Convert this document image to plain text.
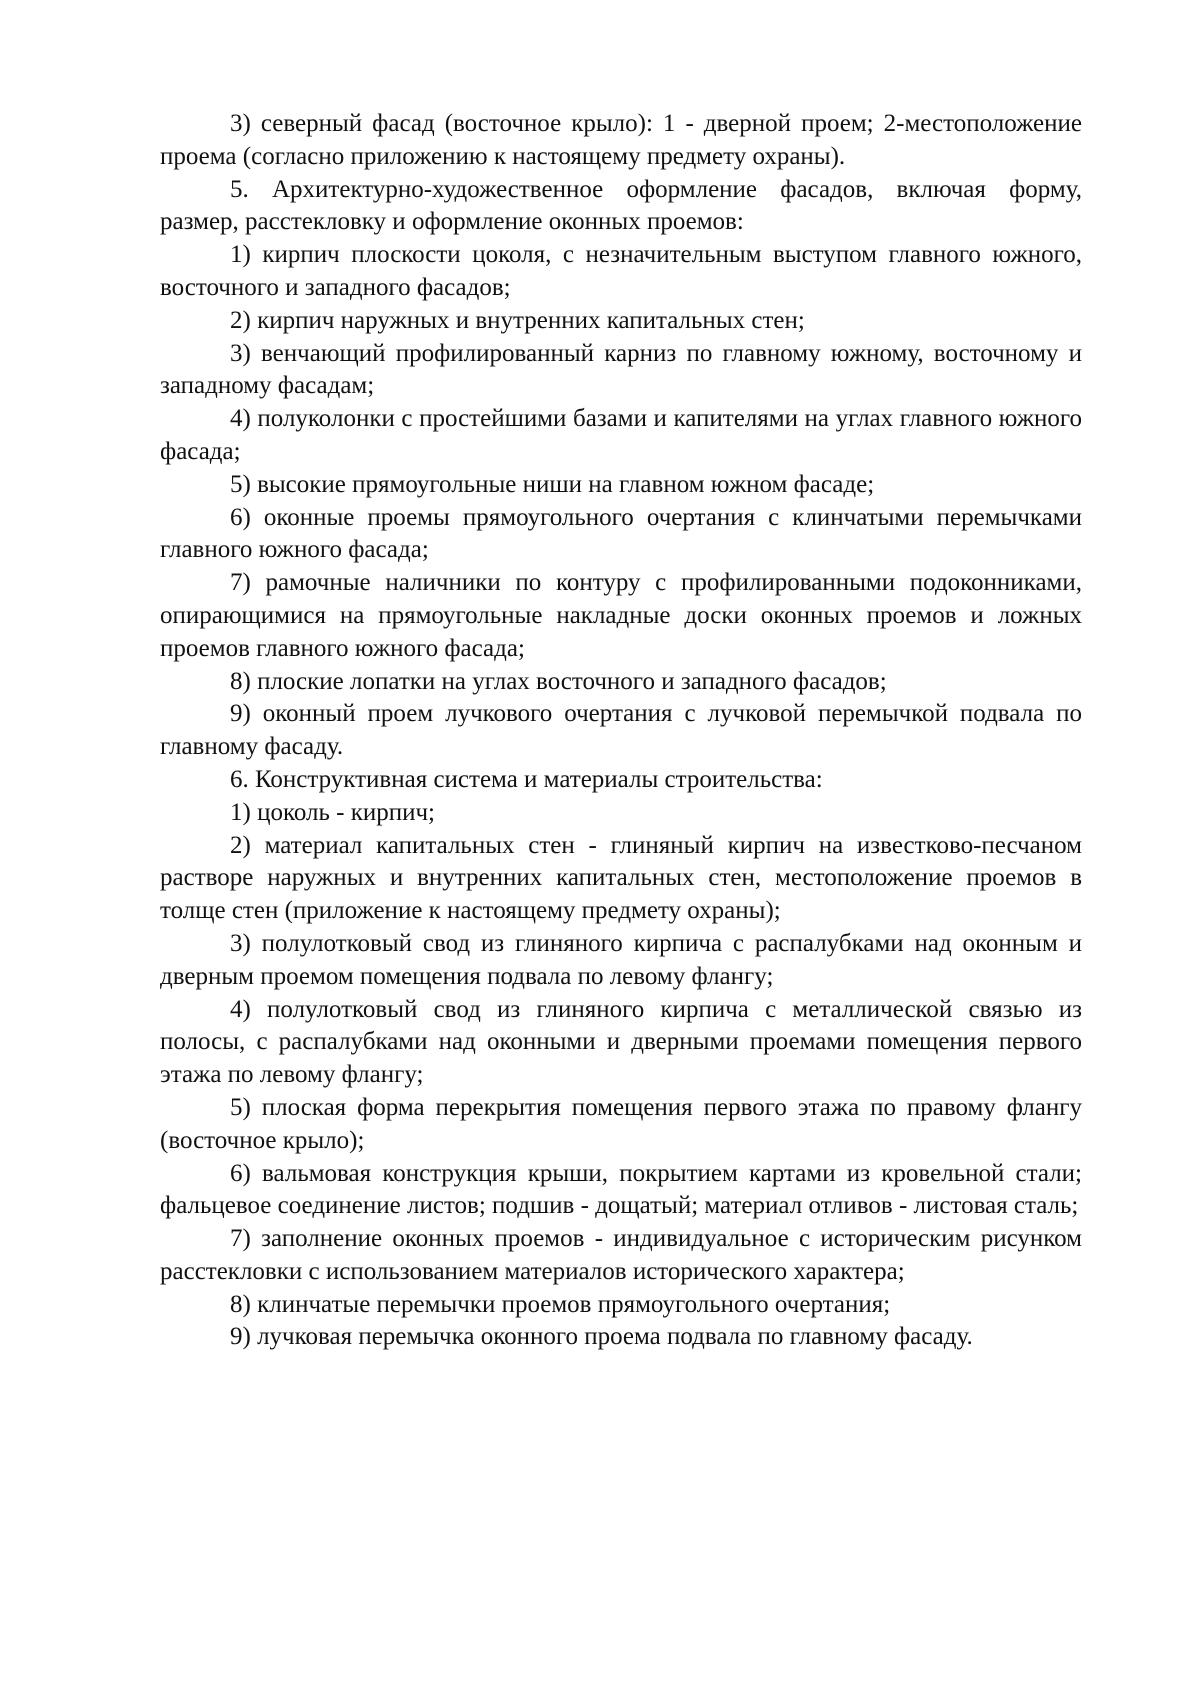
3) северный фасад (восточное крыло): 1 - дверной проем; 2-местоположение проема (согласно приложению к настоящему предмету охраны).

5. Архитектурно-художественное оформление фасадов, включая форму, размер, расстекловку и оформление оконных проемов:

1) кирпич плоскости цоколя, с незначительным выступом главного южного, восточного и западного фасадов;

2) кирпич наружных и внутренних капитальных стен;

3) венчающий профилированный карниз по главному южному, восточному и западному фасадам;

4) полуколонки с простейшими базами и капителями на углах главного южного фасада;

5) высокие прямоугольные ниши на главном южном фасаде;

6) оконные проемы прямоугольного очертания с клинчатыми перемычками главного южного фасада;

7) рамочные наличники по контуру с профилированными подоконниками, опирающимися на прямоугольные накладные доски оконных проемов и ложных проемов главного южного фасада;

8) плоские лопатки на углах восточного и западного фасадов;

9) оконный проем лучкового очертания с лучковой перемычкой подвала по главному фасаду.

6. Конструктивная система и материалы строительства:

1) цоколь - кирпич;

2) материал капитальных стен - глиняный кирпич на известково-песчаном растворе наружных и внутренних капитальных стен, местоположение проемов в толще стен (приложение к настоящему предмету охраны);

3) полулотковый свод из глиняного кирпича с распалубками над оконным и дверным проемом помещения подвала по левому флангу;

4) полулотковый свод из глиняного кирпича с металлической связью из полосы, с распалубками над оконными и дверными проемами помещения первого этажа по левому флангу;

5) плоская форма перекрытия помещения первого этажа по правому флангу (восточное крыло);

6) вальмовая конструкция крыши, покрытием картами из кровельной стали; фальцевое соединение листов; подшив - дощатый; материал отливов - листовая сталь;

7) заполнение оконных проемов - индивидуальное с историческим рисунком расстекловки с использованием материалов исторического характера;

8) клинчатые перемычки проемов прямоугольного очертания;

9) лучковая перемычка оконного проема подвала по главному фасаду.
